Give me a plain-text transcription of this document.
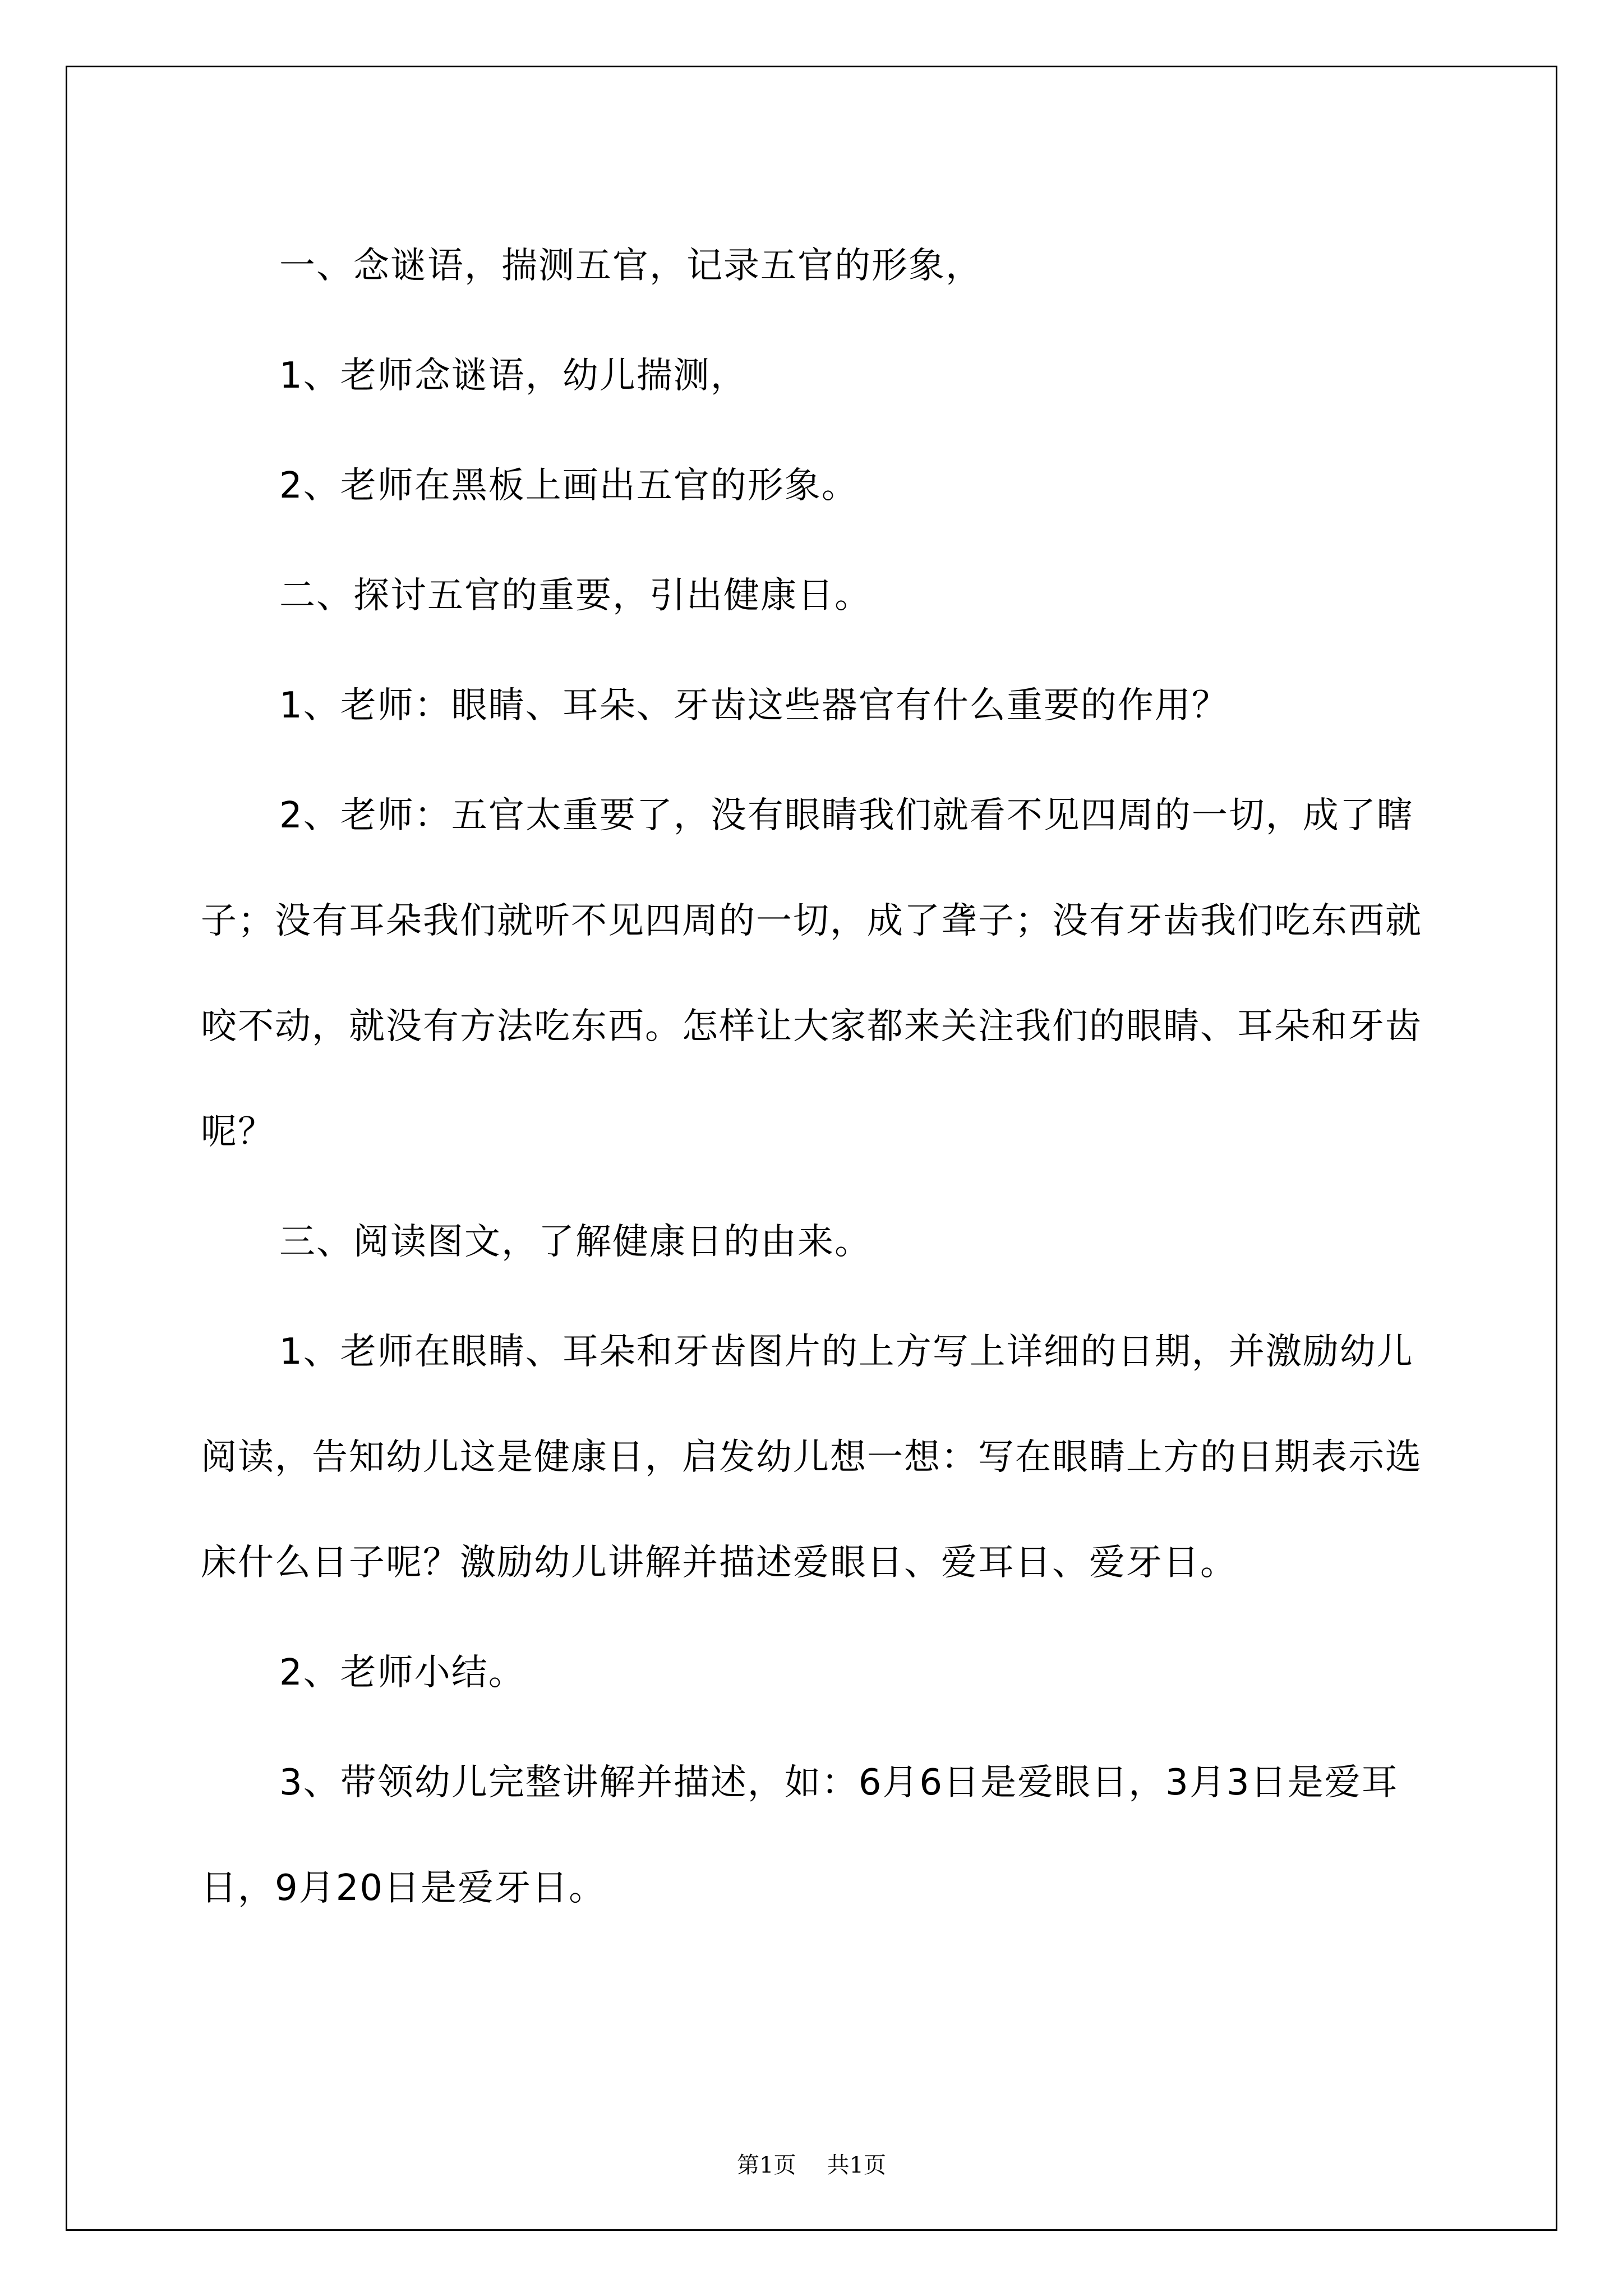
一、念谜语，揣测五官，记录五官的形象，

1、老师念谜语，幼儿揣测，

2、老师在黑板上画出五官的形象。

二、探讨五官的重要，引出健康日。

1、老师：眼睛、耳朵、牙齿这些器官有什么重要的作用？

2、老师：五官太重要了，没有眼睛我们就看不见四周的一切，成了瞎子；没有耳朵我们就听不见四周的一切，成了聋子；没有牙齿我们吃东西就咬不动，就没有方法吃东西。怎样让大家都来关注我们的眼睛、耳朵和牙齿呢？

三、阅读图文，了解健康日的由来。

1、老师在眼睛、耳朵和牙齿图片的上方写上详细的日期，并激励幼儿阅读，告知幼儿这是健康日，启发幼儿想一想：写在眼睛上方的日期表示选床什么日子呢？激励幼儿讲解并描述爱眼日、爱耳日、爱牙日。

2、老师小结。

3、带领幼儿完整讲解并描述，如：6月6日是爱眼日，3月3日是爱耳日，9月20日是爱牙日。

第1页 共1页
